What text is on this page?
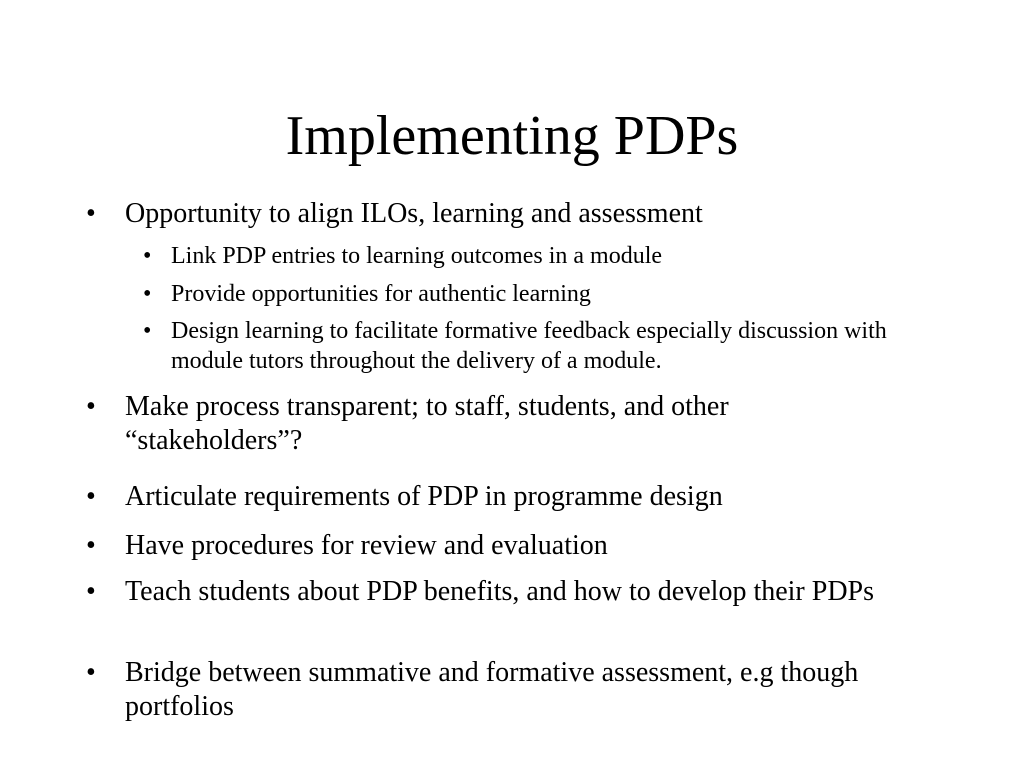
Implementing PDPs
• Opportunity to align ILOs, learning and assessment
• Link PDP entries to learning outcomes in a module
• Provide opportunities for authentic learning
• Design learning to facilitate formative feedback especially discussion with module tutors throughout the delivery of a module.
• Make process transparent; to staff, students, and other “stakeholders”?
• Articulate requirements of PDP in programme design
• Have procedures for review and evaluation
• Teach students about PDP benefits, and how to develop their PDPs
• Bridge between summative and formative assessment, e.g though portfolios
